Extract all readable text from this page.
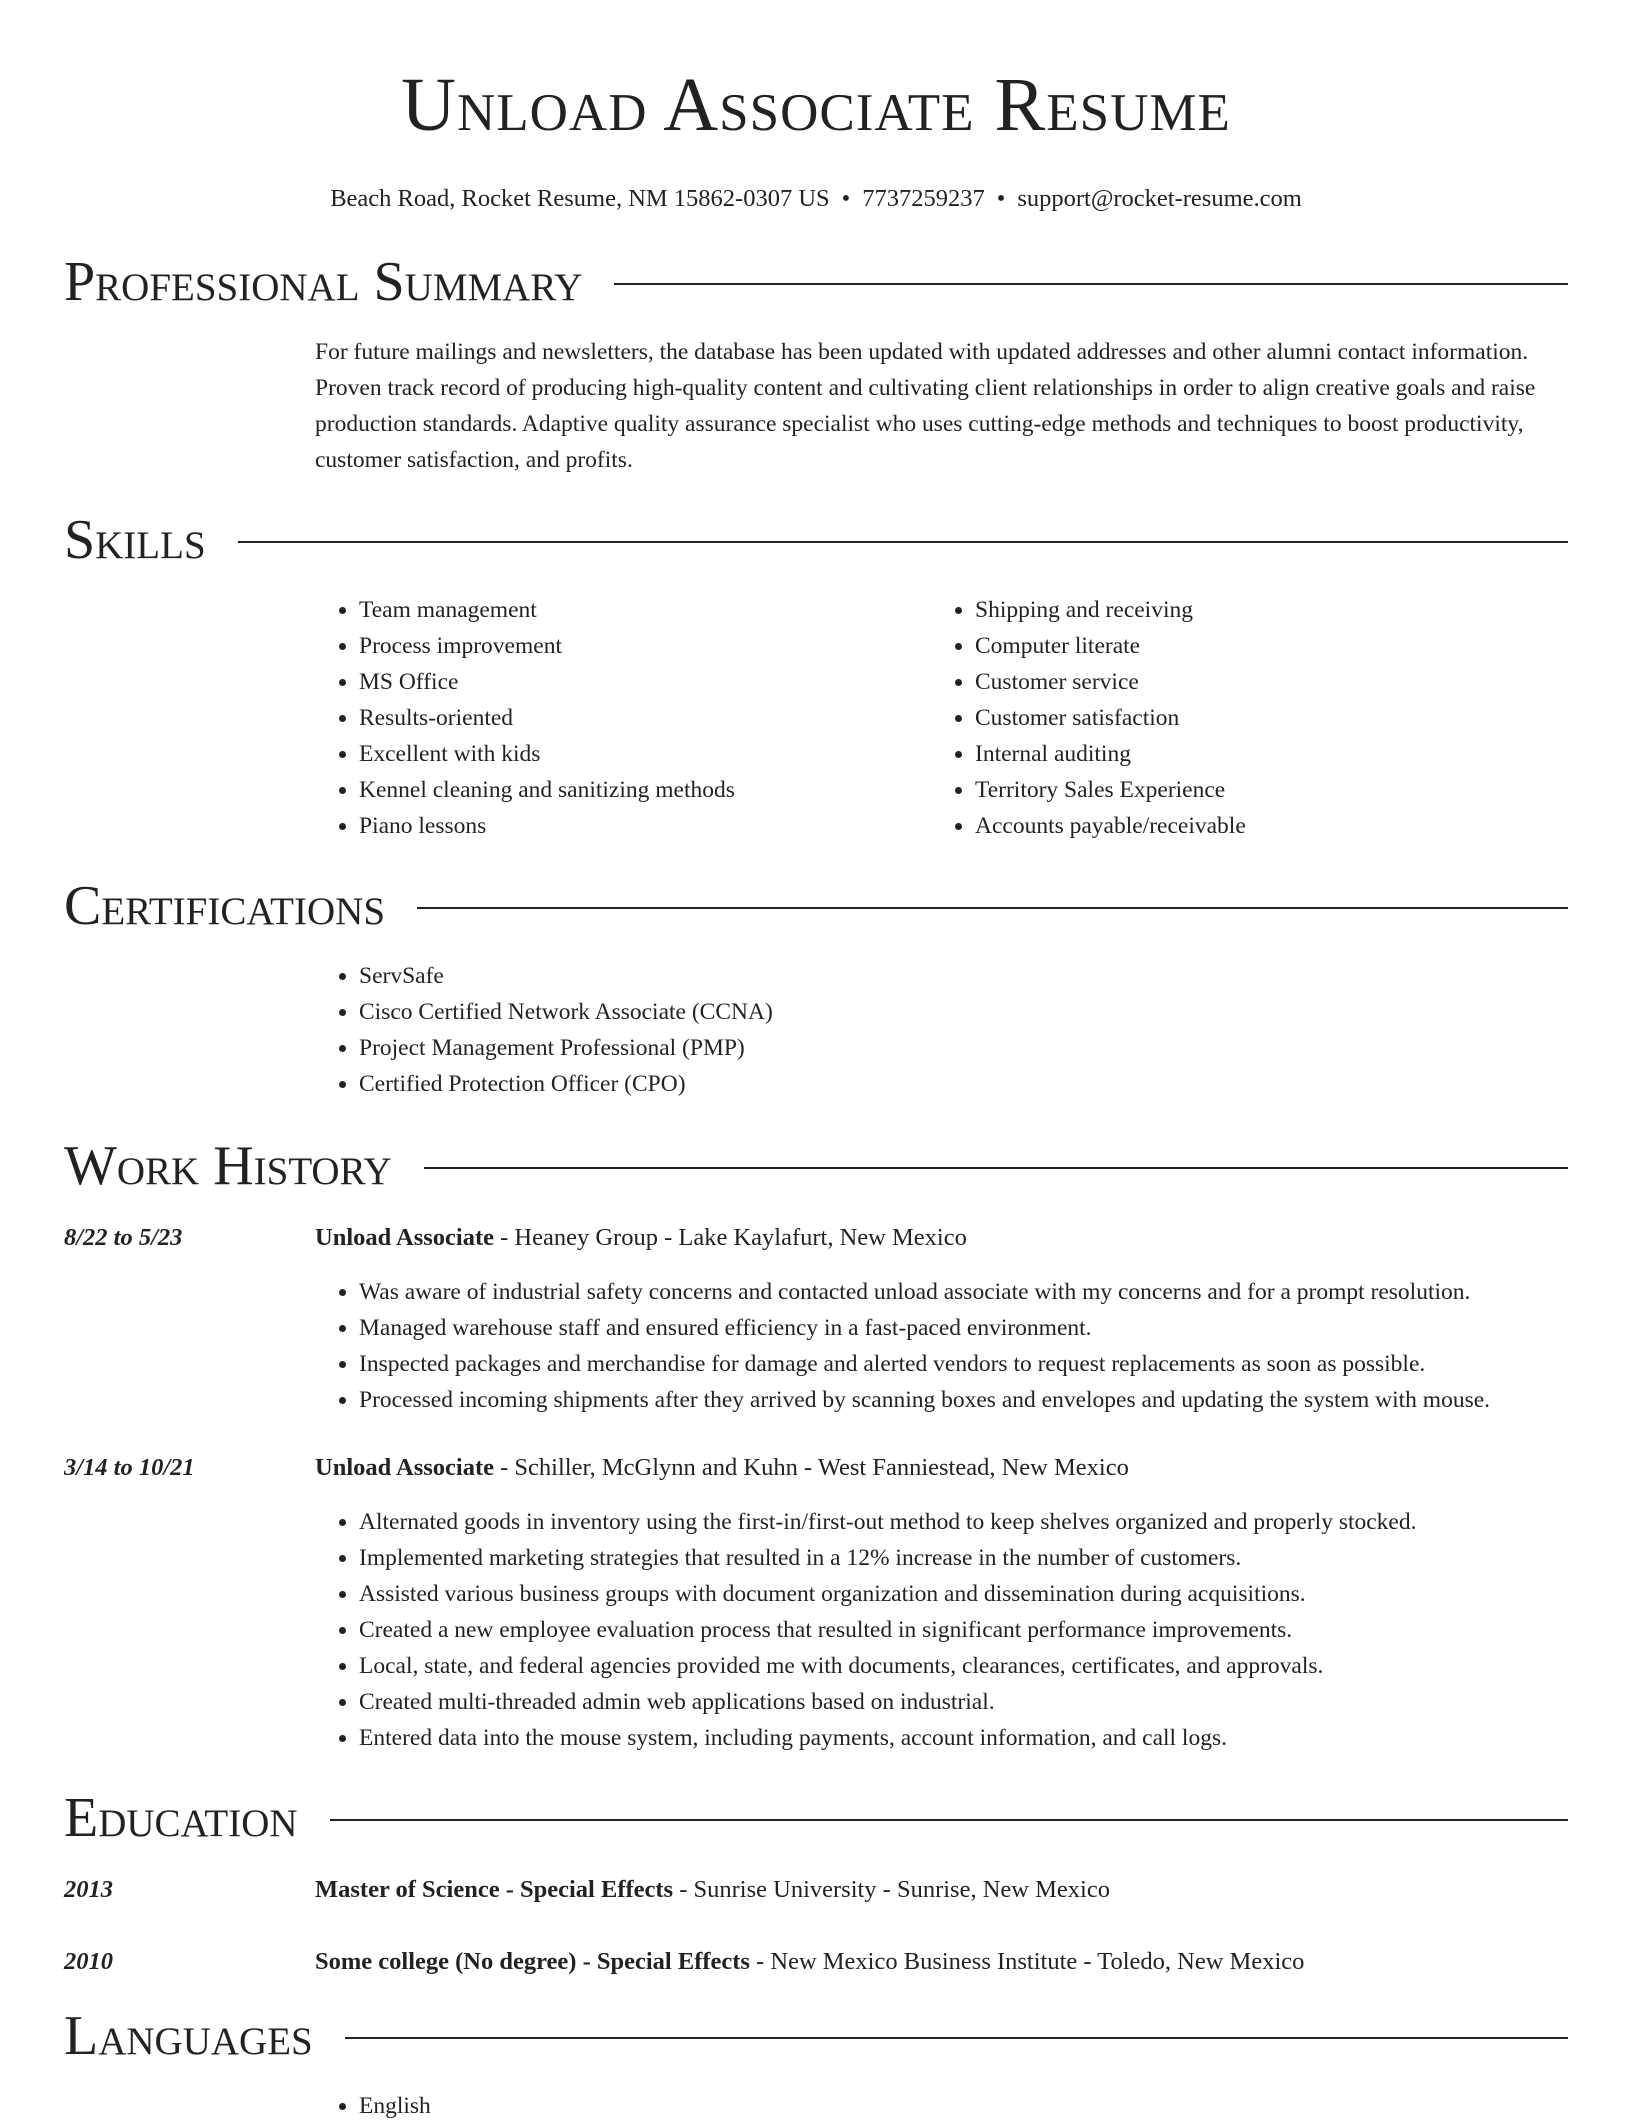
Unload Associate Resume
Beach Road, Rocket Resume, NM 15862-0307 US • 7737259237 • support@rocket-resume.com
Professional Summary
For future mailings and newsletters, the database has been updated with updated addresses and other alumni contact information. Proven track record of producing high-quality content and cultivating client relationships in order to align creative goals and raise production standards. Adaptive quality assurance specialist who uses cutting-edge methods and techniques to boost productivity, customer satisfaction, and profits.
Skills
• Team management
• Process improvement
• MS Office
• Results-oriented
• Excellent with kids
• Kennel cleaning and sanitizing methods
• Piano lessons
• Shipping and receiving
• Computer literate
• Customer service
• Customer satisfaction
• Internal auditing
• Territory Sales Experience
• Accounts payable/receivable
Certifications
• ServSafe
• Cisco Certified Network Associate (CCNA)
• Project Management Professional (PMP)
• Certified Protection Officer (CPO)
Work History
8/22 to 5/23	Unload Associate - Heaney Group - Lake Kaylafurt, New Mexico
• Was aware of industrial safety concerns and contacted unload associate with my concerns and for a prompt resolution.
• Managed warehouse staff and ensured efficiency in a fast-paced environment.
• Inspected packages and merchandise for damage and alerted vendors to request replacements as soon as possible.
• Processed incoming shipments after they arrived by scanning boxes and envelopes and updating the system with mouse.
3/14 to 10/21	Unload Associate - Schiller, McGlynn and Kuhn - West Fanniestead, New Mexico
• Alternated goods in inventory using the first-in/first-out method to keep shelves organized and properly stocked.
• Implemented marketing strategies that resulted in a 12% increase in the number of customers.
• Assisted various business groups with document organization and dissemination during acquisitions.
• Created a new employee evaluation process that resulted in significant performance improvements.
• Local, state, and federal agencies provided me with documents, clearances, certificates, and approvals.
• Created multi-threaded admin web applications based on industrial.
• Entered data into the mouse system, including payments, account information, and call logs.
Education
2013	Master of Science - Special Effects - Sunrise University - Sunrise, New Mexico
2010	Some college (No degree) - Special Effects - New Mexico Business Institute - Toledo, New Mexico
Languages
• English
